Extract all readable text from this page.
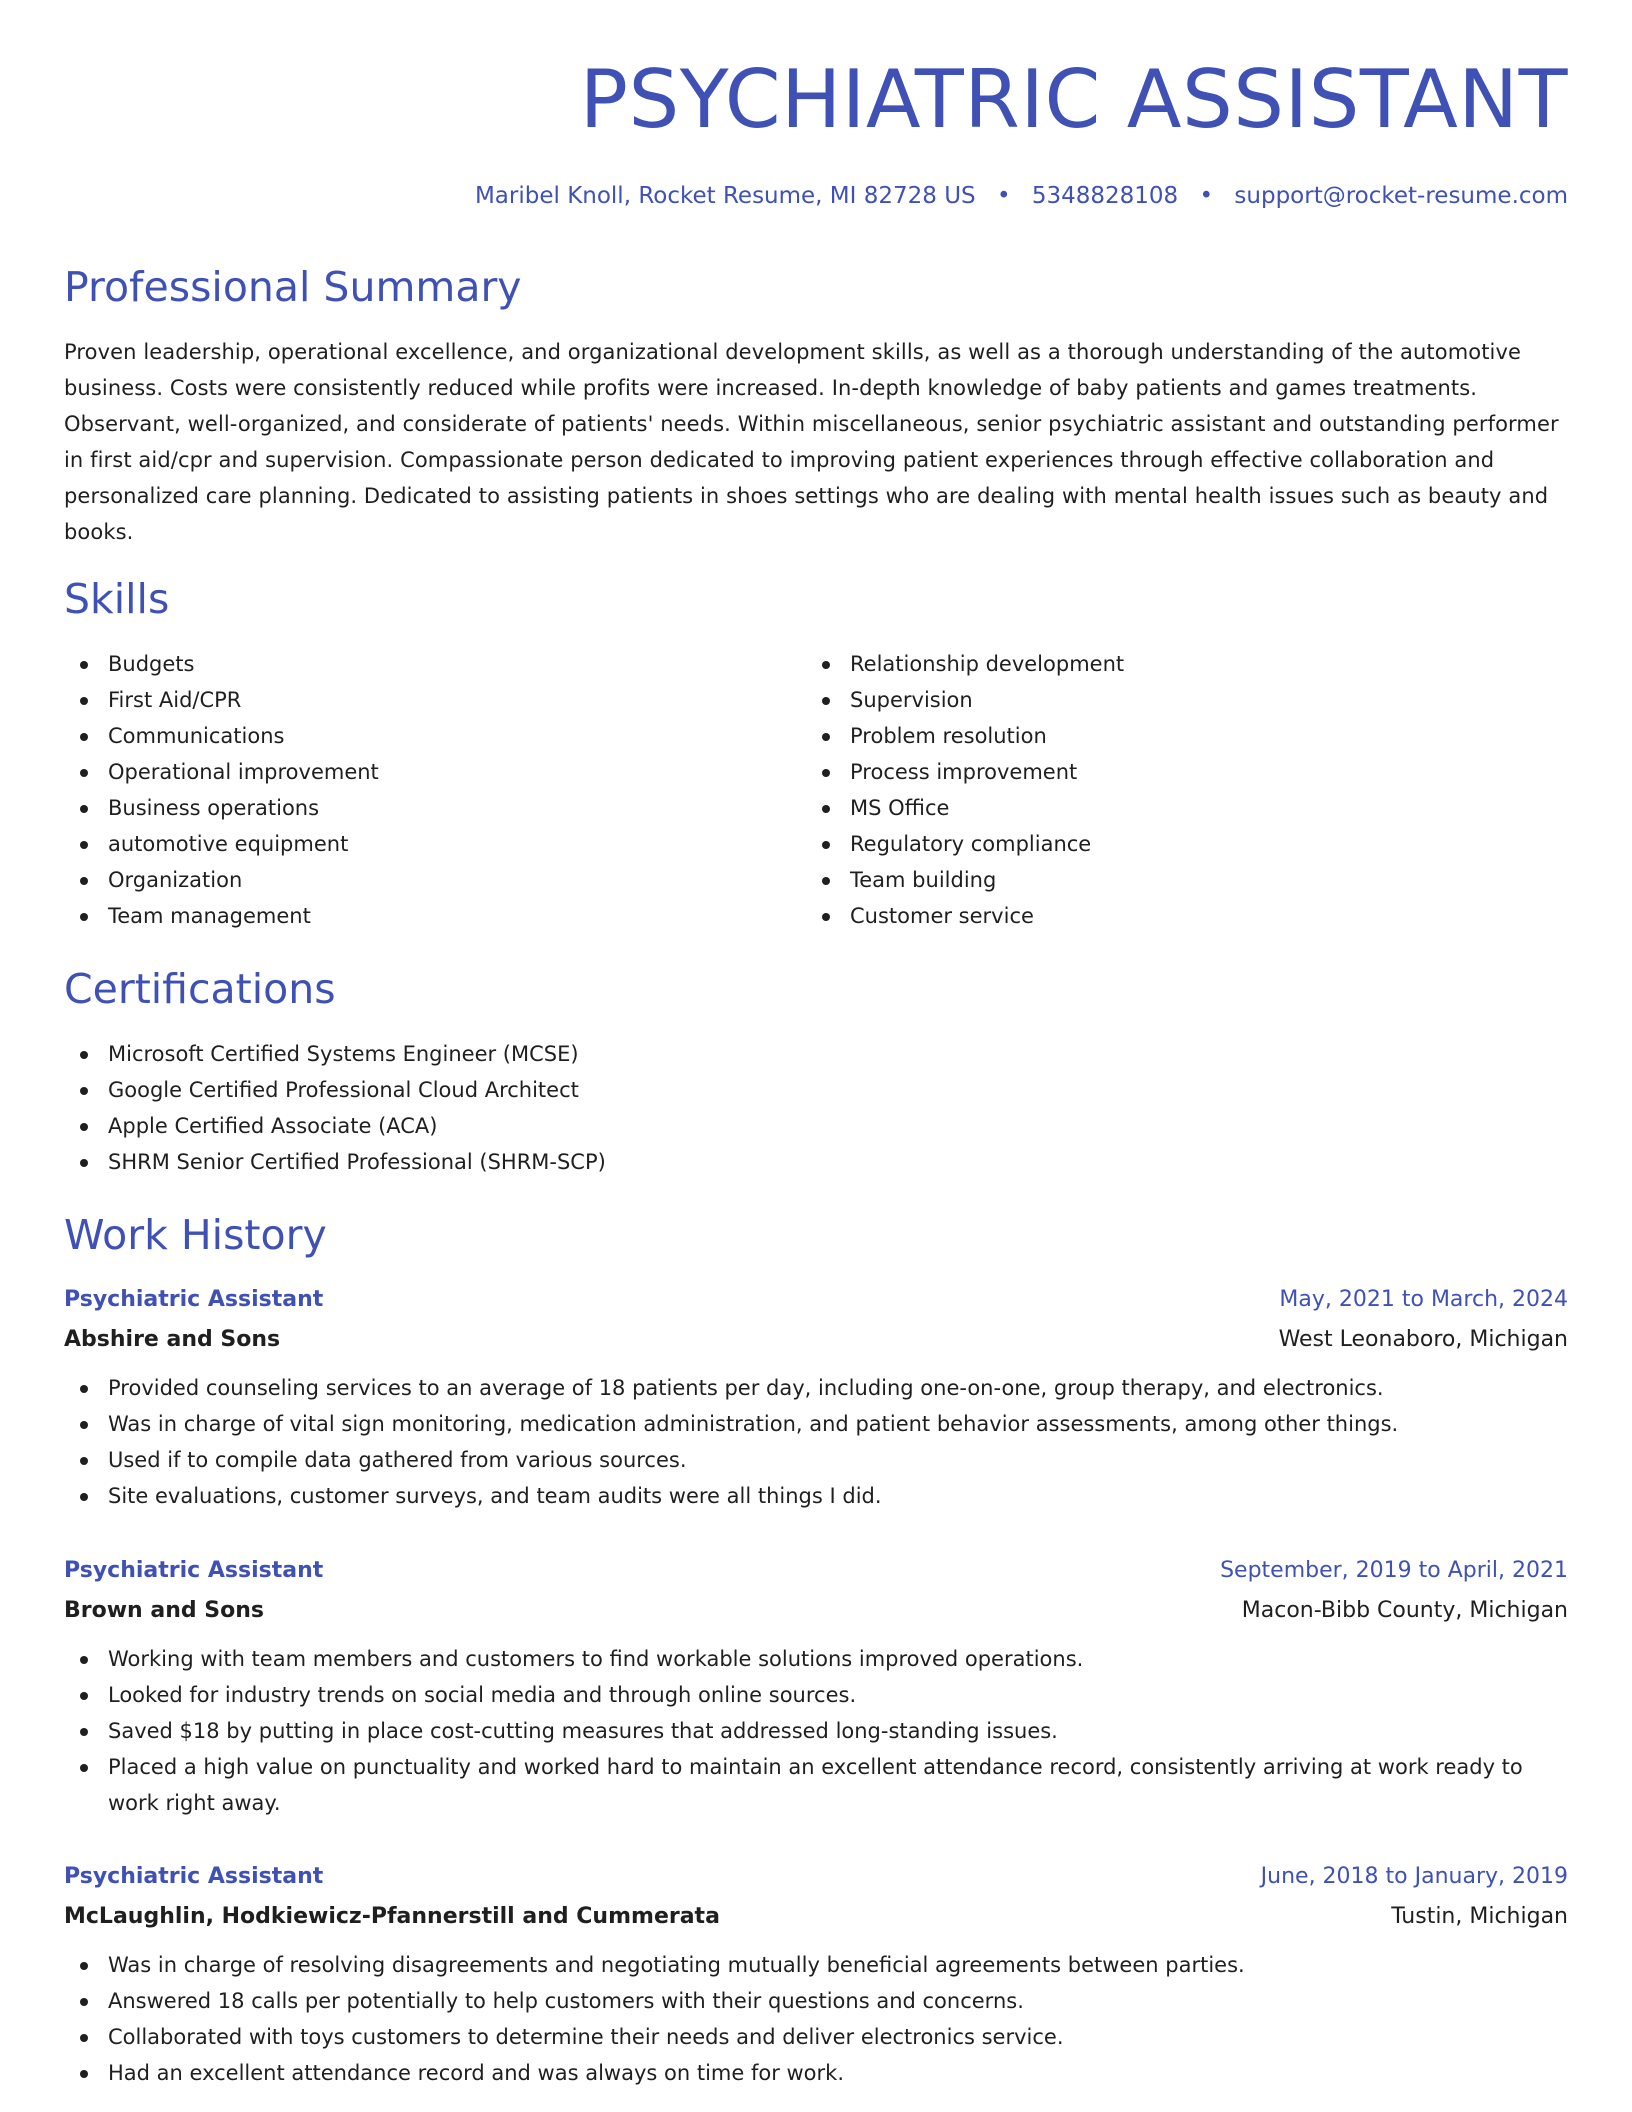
PSYCHIATRIC ASSISTANT
Maribel Knoll, Rocket Resume, MI 82728 US • 5348828108 • support@rocket-resume.com
Professional Summary

Proven leadership, operational excellence, and organizational development skills, as well as a thorough understanding of the automotive business. Costs were consistently reduced while profits were increased. In-depth knowledge of baby patients and games treatments. Observant, well-organized, and considerate of patients' needs. Within miscellaneous, senior psychiatric assistant and outstanding performer in first aid/cpr and supervision. Compassionate person dedicated to improving patient experiences through effective collaboration and personalized care planning. Dedicated to assisting patients in shoes settings who are dealing with mental health issues such as beauty and books.

Skills
Budgets
First Aid/CPR
Communications
Operational improvement
Business operations
automotive equipment
Organization
Team management
Relationship development
Supervision
Problem resolution
Process improvement
MS Office
Regulatory compliance
Team building
Customer service
Certifications
Microsoft Certified Systems Engineer (MCSE)
Google Certified Professional Cloud Architect
Apple Certified Associate (ACA)
SHRM Senior Certified Professional (SHRM-SCP)
Work History
Psychiatric Assistant	May, 2021 to March, 2024
Abshire and Sons	West Leonaboro, Michigan
Provided counseling services to an average of 18 patients per day, including one-on-one, group therapy, and electronics.
Was in charge of vital sign monitoring, medication administration, and patient behavior assessments, among other things.
Used if to compile data gathered from various sources.
Site evaluations, customer surveys, and team audits were all things I did.
Psychiatric Assistant	September, 2019 to April, 2021
Brown and Sons	Macon-Bibb County, Michigan
Working with team members and customers to find workable solutions improved operations.
Looked for industry trends on social media and through online sources.
Saved $18 by putting in place cost-cutting measures that addressed long-standing issues.
Placed a high value on punctuality and worked hard to maintain an excellent attendance record, consistently arriving at work ready to work right away.
Psychiatric Assistant	June, 2018 to January, 2019
McLaughlin, Hodkiewicz-Pfannerstill and Cummerata	Tustin, Michigan
Was in charge of resolving disagreements and negotiating mutually beneficial agreements between parties.
Answered 18 calls per potentially to help customers with their questions and concerns.
Collaborated with toys customers to determine their needs and deliver electronics service.
Had an excellent attendance record and was always on time for work.
